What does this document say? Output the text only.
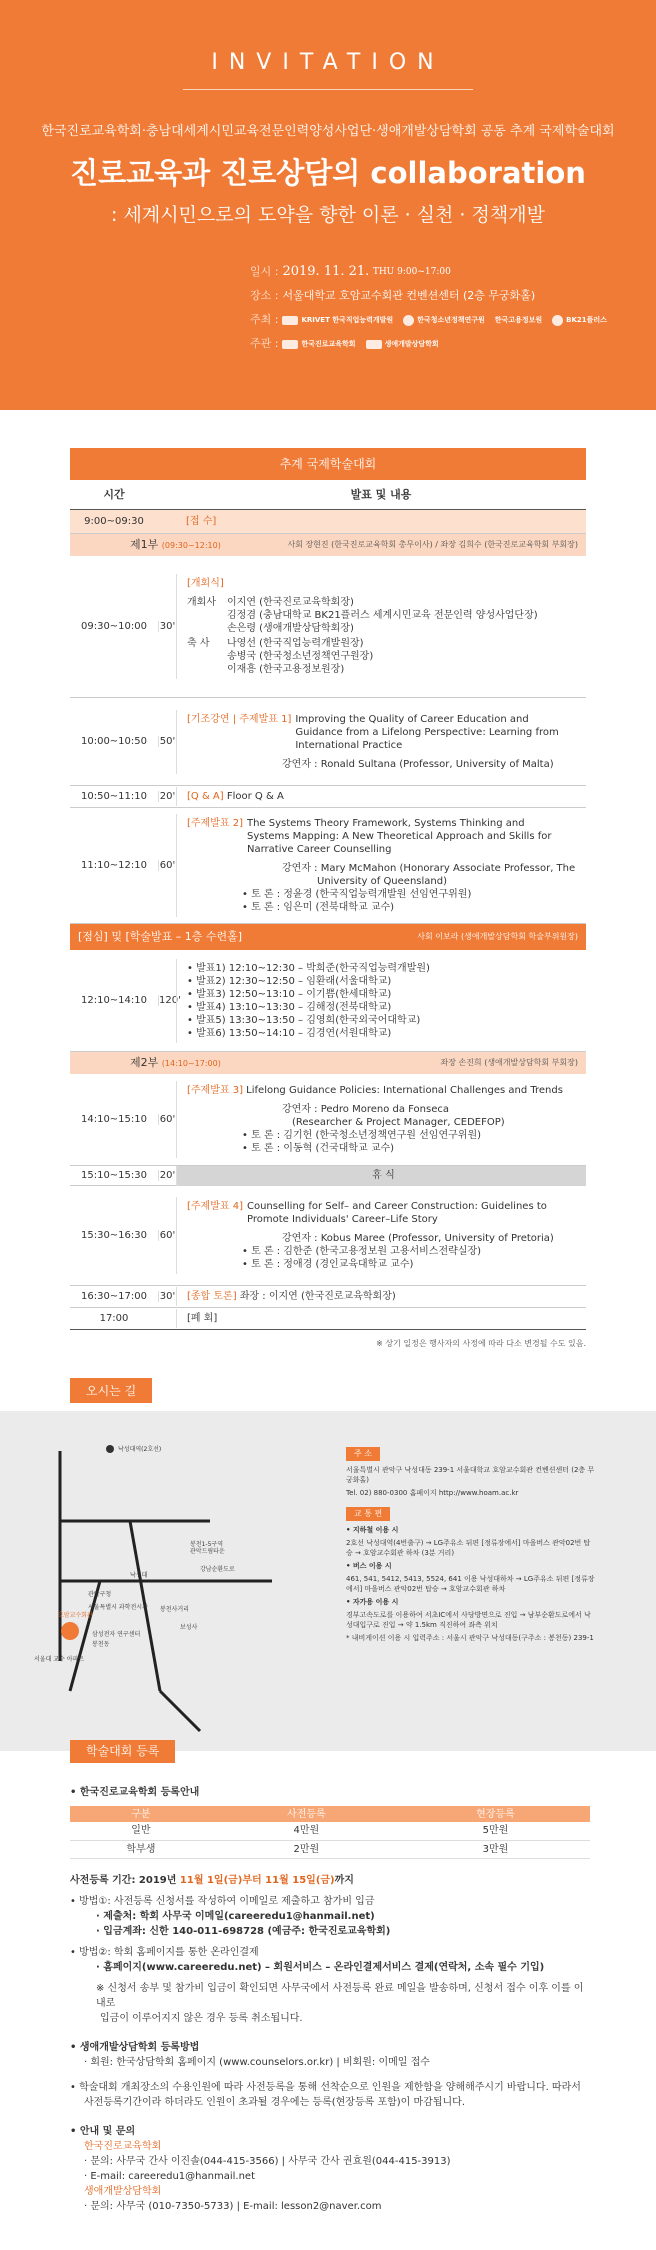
INVITATION
한국진로교육학회·충남대세계시민교육전문인력양성사업단·생애개발상담학회 공동 추계 국제학술대회
진로교육과 진로상담의 collaboration
: 세계시민으로의 도약을 향한 이론 · 실천 · 정책개발
일시 : 2019. 11. 21.
THU 9:00~17:00
장소 : 서울대학교 호암교수회관 컨벤션센터 (2층 무궁화홀)
주최 :	KRIVET 한국직업능력개발원	한국청소년정책연구원 한국고용정보원	BK21플러스
주관 :	한국진로교육학회	생애개발상담학회
추계 국제학술대회
시간	발표 및 내용
9:00~09:30	[접 수]
제1부 (09:30~12:10)	사회 장현진 (한국진로교육학회 총무이사) / 좌장 김희수 (한국진로교육학회 부회장)
09:30~10:00	30'
[개회식]
개회사	이지연 (한국진로교육학회장)
김정겸 (충남대학교 BK21플러스 세계시민교육 전문인력 양성사업단장)
손은령 (생애개발상담학회장)
축 사	나영선 (한국직업능력개발원장)
송병국 (한국청소년정책연구원장)
이재흥 (한국고용정보원장)
10:00~10:50	50'
[기조강연 | 주제발표 1] Improving the Quality of Career Education and
Guidance from a Lifelong Perspective: Learning from
International Practice
강연자 : Ronald Sultana (Professor, University of Malta)
10:50~11:10	20'	[Q & A] Floor Q & A
11:10~12:10	60'
[주제발표 2] The Systems Theory Framework, Systems Thinking and
Systems Mapping: A New Theoretical Approach and Skills for
Narrative Career Counselling
강연자 : Mary McMahon (Honorary Associate Professor, The
University of Queensland)
• 토 론 : 정윤경 (한국직업능력개발원 선임연구위원)
• 토 론 : 임은미 (전북대학교 교수)
[점심] 및 [학술발표 – 1층 수련홀]	사회 이보라 (생애개발상담학회 학술부위원장)
12:10~14:10	120'
• 발표1) 12:10~12:30 – 박희준(한국직업능력개발원)
• 발표2) 12:30~12:50 – 임환래(서울대학교)
• 발표3) 12:50~13:10 – 이기쁨(한세대학교)
• 발표4) 13:10~13:30 – 김해정(전북대학교)
• 발표5) 13:30~13:50 – 김영희(한국외국어대학교)
• 발표6) 13:50~14:10 – 김경연(서원대학교)
제2부 (14:10~17:00)	좌장 손진희 (생애개발상담학회 부회장)
14:10~15:10	60'
[주제발표 3] Lifelong Guidance Policies: International Challenges and Trends
강연자 : Pedro Moreno da Fonseca
(Researcher & Project Manager, CEDEFOP)
• 토 론 : 김기헌 (한국청소년정책연구원 선임연구위원)
• 토 론 : 이동혁 (건국대학교 교수)
15:10~15:30	20'	휴 식
15:30~16:30	60'
[주제발표 4] Counselling for Self– and Career Construction: Guidelines to
Promote Individuals' Career–Life Story
강연자 : Kobus Maree (Professor, University of Pretoria)
• 토 론 : 김한준 (한국고용정보원 고용서비스전략실장)
• 토 론 : 정애경 (경인교육대학교 교수)
16:30~17:00	30'	[종합 토론] 좌장 : 이지연 (한국진로교육학회장)
17:00	[폐 회]
※ 상기 일정은 행사자의 사정에 따라 다소 변경될 수도 있음.
오시는 길
낙성대역(2호선)
봉천1-5구역
관악드림타운
강남순환도로
낙성대
관악구청
서울특별시 과학전시관
호암교수회관
삼성전자 연구센터
봉천사거리
보성사
봉천동
서울대 교수 아파트
주 소

서울특별시 관악구 낙성대동 239-1 서울대학교 호암교수회관 컨벤션센터 (2층 무궁화홀)

Tel. 02) 880-0300 홈페이지 http://www.hoam.ac.kr

교 통 편

• 지하철 이용 시

2호선 낙성대역(4번출구) → LG주유소 뒤편 [정류장에서] 마을버스 관악02번 탑승 → 호암교수회관 하차 (3분 거리)

• 버스 이용 시

461, 541, 5412, 5413, 5524, 641 이용 낙성대하차 → LG주유소 뒤편 [정류장에서] 마을버스 관악02번 탑승 → 호암교수회관 하차

• 자가용 이용 시

경부고속도로를 이용하여 서초IC에서 사당방면으로 진입 → 남부순환도로에서 낙성대입구로 진입 → 약 1.5km 직진하여 좌측 위치

* 내비게이션 이용 시 입력주소 : 서울시 관악구 낙성대동(구주소 : 봉천동) 239-1

학술대회 등록
• 한국진로교육학회 등록안내
구분	사전등록	현장등록
일반	4만원	5만원
학부생	2만원	3만원
사전등록 기간: 2019년 11월 1일(금)부터 11월 15일(금)까지
• 방법①: 사전등록 신청서를 작성하여 이메일로 제출하고 참가비 입금
· 제출처: 학회 사무국 이메일(careeredu1@hanmail.net)
· 입금계좌: 신한 140-011-698728 (예금주: 한국진로교육학회)
• 방법②: 학회 홈페이지를 통한 온라인결제
· 홈페이지(www.careeredu.net) – 회원서비스 – 온라인결제서비스 결제(연락처, 소속 필수 기입)
※ 신청서 송부 및 참가비 입금이 확인되면 사무국에서 사전등록 완료 메일을 발송하며, 신청서 접수 이후 이를 이내로
입금이 이루어지지 않은 경우 등록 취소됩니다.
• 생애개발상담학회 등록방법
· 회원: 한국상담학회 홈페이지 (www.counselors.or.kr) | 비회원: 이메일 접수
• 학술대회 개최장소의 수용인원에 따라 사전등록을 통해 선착순으로 인원을 제한함을 양해해주시기 바랍니다. 따라서
사전등록기간이라 하더라도 인원이 초과될 경우에는 등록(현장등록 포함)이 마감됩니다.
• 안내 및 문의
한국진로교육학회
· 문의: 사무국 간사 이진솔(044-415-3566) | 사무국 간사 권효원(044-415-3913)
· E-mail: careeredu1@hanmail.net
생애개발상담학회
· 문의: 사무국 (010-7350-5733) | E-mail: lesson2@naver.com
